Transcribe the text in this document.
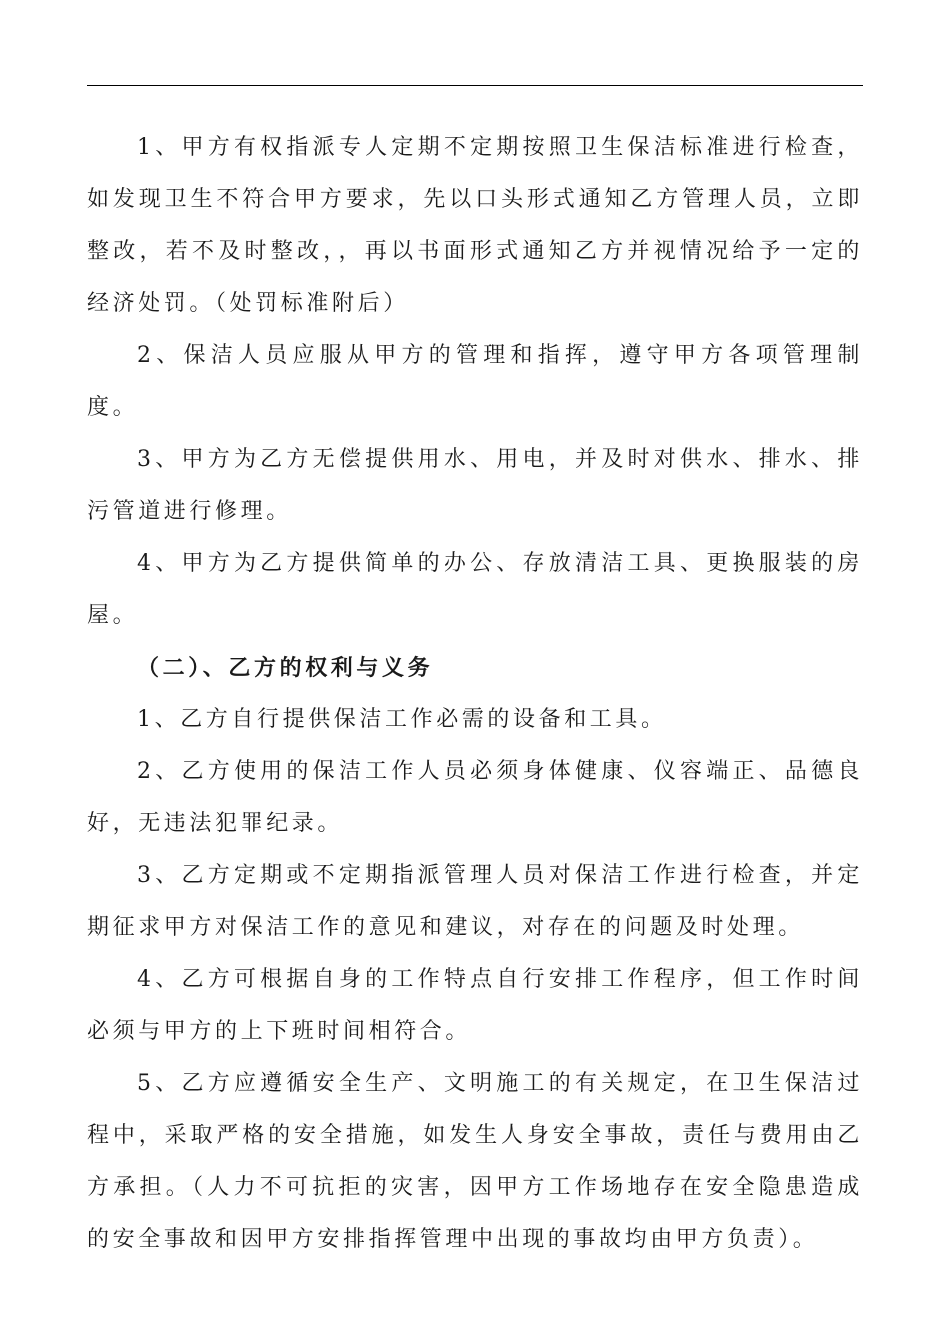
1、甲方有权指派专人定期不定期按照卫生保洁标准进行检查，如发现卫生不符合甲方要求，先以口头形式通知乙方管理人员，立即整改，若不及时整改，，再以书面形式通知乙方并视情况给予一定的经济处罚。（处罚标准附后）

2、保洁人员应服从甲方的管理和指挥，遵守甲方各项管理制度。

3、甲方为乙方无偿提供用水、用电，并及时对供水、排水、排污管道进行修理。

4、甲方为乙方提供简单的办公、存放清洁工具、更换服装的房屋。

（二）、乙方的权利与义务

1、乙方自行提供保洁工作必需的设备和工具。

2、乙方使用的保洁工作人员必须身体健康、仪容端正、品德良好，无违法犯罪纪录。

3、乙方定期或不定期指派管理人员对保洁工作进行检查，并定期征求甲方对保洁工作的意见和建议，对存在的问题及时处理。

4、乙方可根据自身的工作特点自行安排工作程序，但工作时间必须与甲方的上下班时间相符合。

5、乙方应遵循安全生产、文明施工的有关规定，在卫生保洁过程中，采取严格的安全措施，如发生人身安全事故，责任与费用由乙方承担。（人力不可抗拒的灾害，因甲方工作场地存在安全隐患造成的安全事故和因甲方安排指挥管理中出现的事故均由甲方负责）。
